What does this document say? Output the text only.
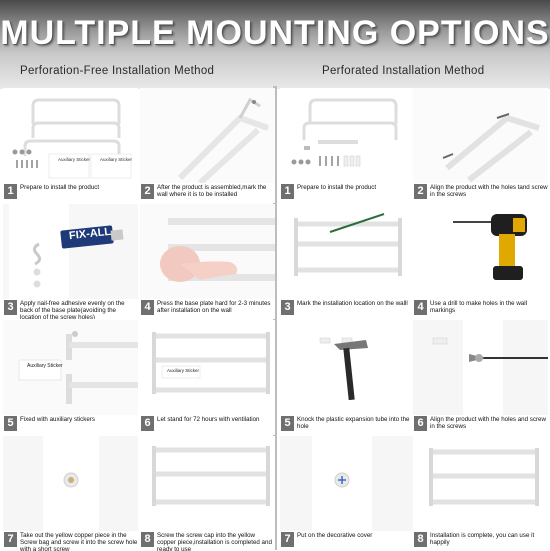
MULTIPLE MOUNTING OPTIONS
Perforation-Free Installation Method	Perforated Installation Method
Auxiliary Sticker Auxiliary Sticker
1	Prepare to install the product	2	After the product is assembled,mark the wall where it is to be installed
FIX-ALL
3	Apply nail-free adhesive evenly on the back of the base plate(avoiding the location of the screw holes)
4	Press the base plate hard for 2-3 minutes after installation on the wall
Auxiliary Sticker
5	Fixed with auxiliary stickers
Auxiliary Sticker
6	Let stand for 72 hours with ventilation
7	Take out the yellow copper piece in the Screw bag and screw it into the screw hole with a short screw
8	Screw the screw cap into the yellow copper piece,installation is completed and ready to use
1	Prepare to install the product	2	Align the product with the holes tand screw in the screws
3	Mark the installation location on the walll 4	Use a drill to make holes in the wall markings
5	Knock the plastic expansion tube into the hole	6	Align the product with the holes and screw in the screws
7	Put on the decorative cover	8	Installation is complete, you can use it happily
